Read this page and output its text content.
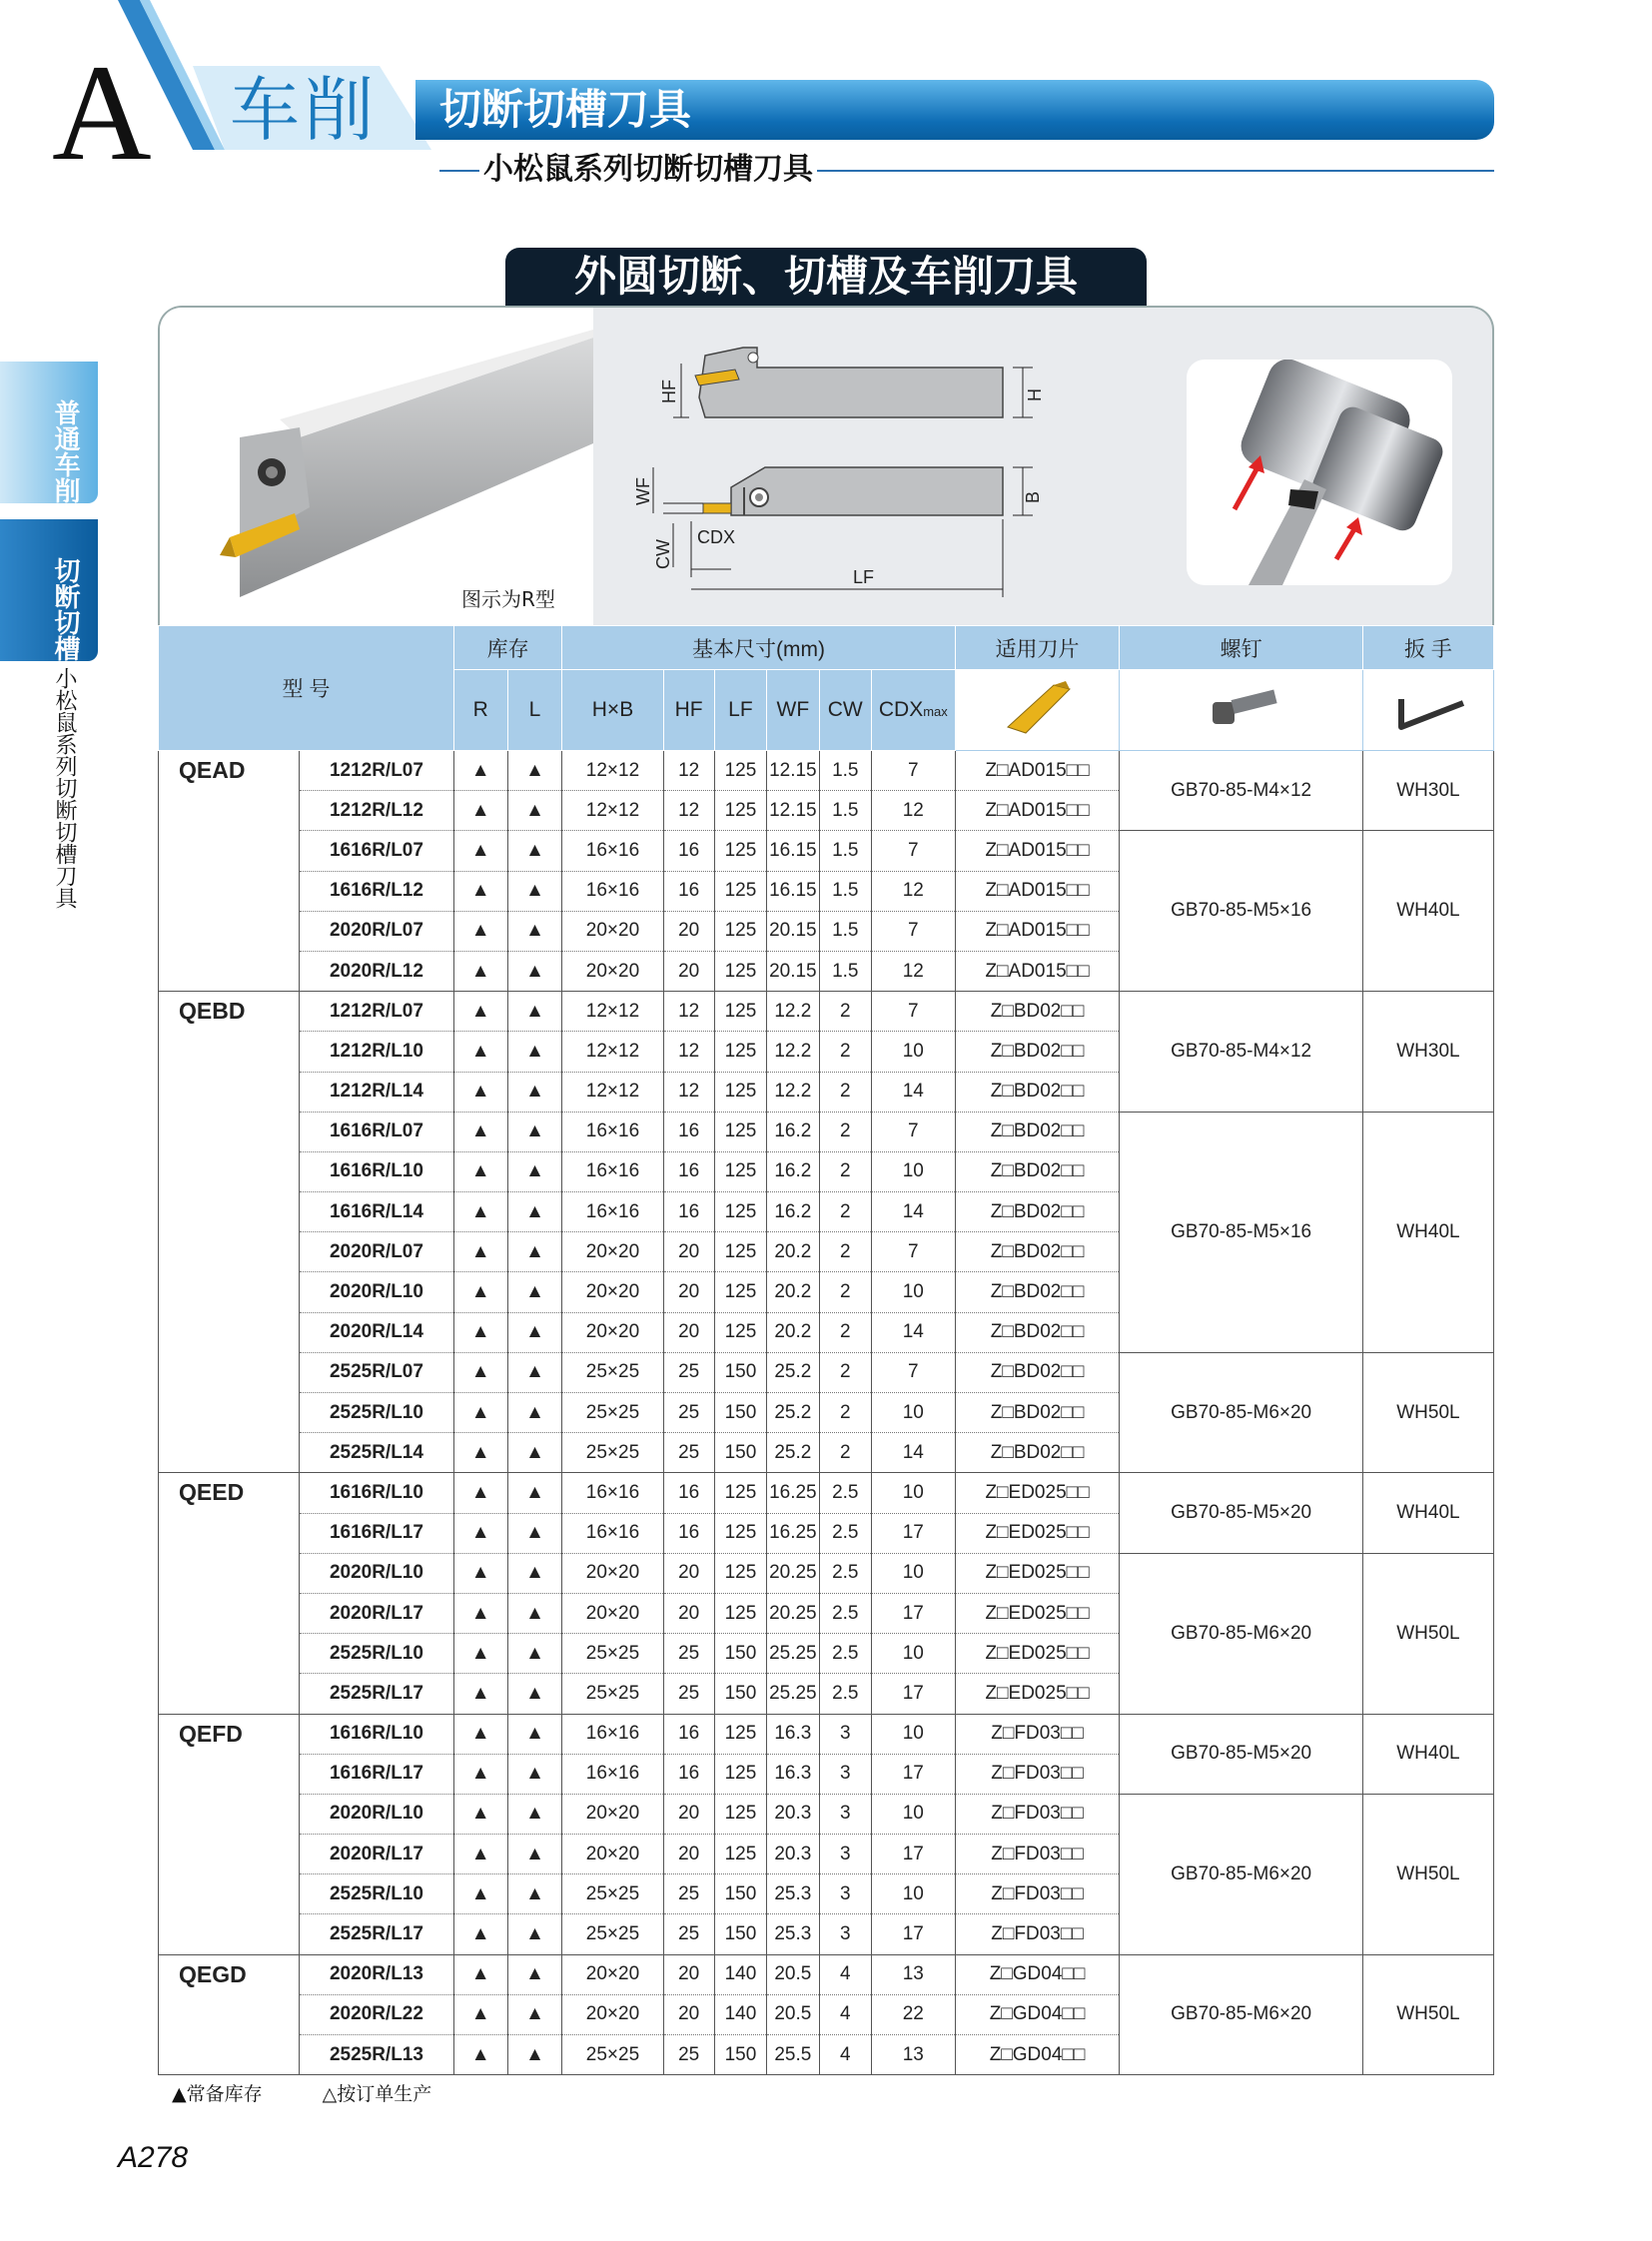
A 车削 切断切槽刀具
小松鼠系列切断切槽刀具
普通车削
切断切槽
小松鼠系列切断切槽刀具
外圆切断、切槽及车削刀具
图示为R型
HF	H
WF	B
CW
CDX
LF
型 号		库存		基本尺寸(mm)						适用刀片	螺钉	扳 手
		R	L	H×B	HF	LF	WF	CW	CDXmax			
QEAD	1212R/L07	▲	▲	12×12	12	125	12.15	1.5	7	Z□AD015□□	GB70-85-M4×12	WH30L
	1212R/L12	▲	▲	12×12	12	125	12.15	1.5	12	Z□AD015□□		
	1616R/L07	▲	▲	16×16	16	125	16.15	1.5	7	Z□AD015□□	GB70-85-M5×16	WH40L
	1616R/L12	▲	▲	16×16	16	125	16.15	1.5	12	Z□AD015□□		
	2020R/L07	▲	▲	20×20	20	125	20.15	1.5	7	Z□AD015□□		
	2020R/L12	▲	▲	20×20	20	125	20.15	1.5	12	Z□AD015□□		
QEBD	1212R/L07	▲	▲	12×12	12	125	12.2	2	7	Z□BD02□□	GB70-85-M4×12	WH30L
	1212R/L10	▲	▲	12×12	12	125	12.2	2	10	Z□BD02□□		
	1212R/L14	▲	▲	12×12	12	125	12.2	2	14	Z□BD02□□		
	1616R/L07	▲	▲	16×16	16	125	16.2	2	7	Z□BD02□□	GB70-85-M5×16	WH40L
	1616R/L10	▲	▲	16×16	16	125	16.2	2	10	Z□BD02□□		
	1616R/L14	▲	▲	16×16	16	125	16.2	2	14	Z□BD02□□		
	2020R/L07	▲	▲	20×20	20	125	20.2	2	7	Z□BD02□□		
	2020R/L10	▲	▲	20×20	20	125	20.2	2	10	Z□BD02□□		
	2020R/L14	▲	▲	20×20	20	125	20.2	2	14	Z□BD02□□		
	2525R/L07	▲	▲	25×25	25	150	25.2	2	7	Z□BD02□□	GB70-85-M6×20	WH50L
	2525R/L10	▲	▲	25×25	25	150	25.2	2	10	Z□BD02□□		
	2525R/L14	▲	▲	25×25	25	150	25.2	2	14	Z□BD02□□		
QEED	1616R/L10	▲	▲	16×16	16	125	16.25	2.5	10	Z□ED025□□	GB70-85-M5×20	WH40L
	1616R/L17	▲	▲	16×16	16	125	16.25	2.5	17	Z□ED025□□		
	2020R/L10	▲	▲	20×20	20	125	20.25	2.5	10	Z□ED025□□	GB70-85-M6×20	WH50L
	2020R/L17	▲	▲	20×20	20	125	20.25	2.5	17	Z□ED025□□		
	2525R/L10	▲	▲	25×25	25	150	25.25	2.5	10	Z□ED025□□		
	2525R/L17	▲	▲	25×25	25	150	25.25	2.5	17	Z□ED025□□		
QEFD	1616R/L10	▲	▲	16×16	16	125	16.3	3	10	Z□FD03□□	GB70-85-M5×20	WH40L
	1616R/L17	▲	▲	16×16	16	125	16.3	3	17	Z□FD03□□		
	2020R/L10	▲	▲	20×20	20	125	20.3	3	10	Z□FD03□□	GB70-85-M6×20	WH50L
	2020R/L17	▲	▲	20×20	20	125	20.3	3	17	Z□FD03□□		
	2525R/L10	▲	▲	25×25	25	150	25.3	3	10	Z□FD03□□		
	2525R/L17	▲	▲	25×25	25	150	25.3	3	17	Z□FD03□□		
QEGD	2020R/L13	▲	▲	20×20	20	140	20.5	4	13	Z□GD04□□	GB70-85-M6×20	WH50L
	2020R/L22	▲	▲	20×20	20	140	20.5	4	22	Z□GD04□□		
	2525R/L13	▲	▲	25×25	25	150	25.5	4	13	Z□GD04□□		
▲常备库存	△按订单生产
A278
